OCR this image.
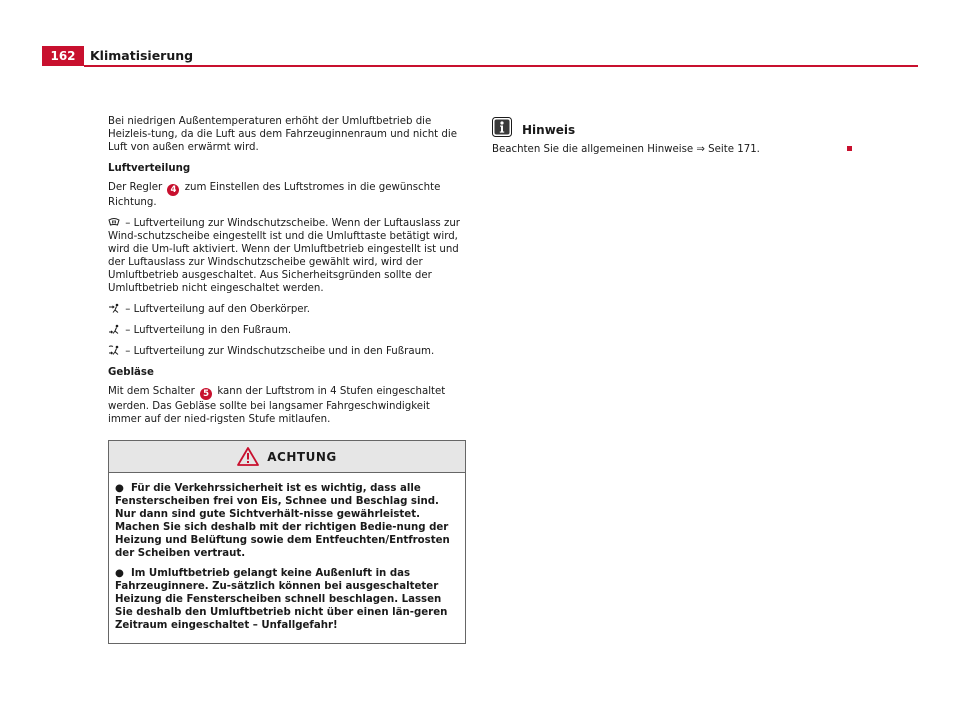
162	Klimatisierung

Bei niedrigen Außentemperaturen erhöht der Umluftbetrieb die Heizleis-tung, da die Luft aus dem Fahrzeuginnenraum und nicht die Luft von außen erwärmt wird.

Luftverteilung

Der Regler 4 zum Einstellen des Luftstromes in die gewünschte Richtung.

– Luftverteilung zur Windschutzscheibe. Wenn der Luftauslass zur Wind-schutzscheibe eingestellt ist und die Umlufttaste betätigt wird, wird die Um-luft aktiviert. Wenn der Umluftbetrieb eingestellt ist und der Luftauslass zur Windschutzscheibe gewählt wird, wird der Umluftbetrieb ausgeschaltet. Aus Sicherheitsgründen sollte der Umluftbetrieb nicht eingeschaltet werden.

– Luftverteilung auf den Oberkörper.

– Luftverteilung in den Fußraum.

– Luftverteilung zur Windschutzscheibe und in den Fußraum.

Gebläse

Mit dem Schalter 5 kann der Luftstrom in 4 Stufen eingeschaltet werden. Das Gebläse sollte bei langsamer Fahrgeschwindigkeit immer auf der nied-rigsten Stufe mitlaufen.

ACHTUNG

● Für die Verkehrssicherheit ist es wichtig, dass alle Fensterscheiben frei von Eis, Schnee und Beschlag sind. Nur dann sind gute Sichtverhält-nisse gewährleistet. Machen Sie sich deshalb mit der richtigen Bedie-nung der Heizung und Belüftung sowie dem Entfeuchten/Entfrosten der Scheiben vertraut.

● Im Umluftbetrieb gelangt keine Außenluft in das Fahrzeuginnere. Zu-sätzlich können bei ausgeschalteter Heizung die Fensterscheiben schnell beschlagen. Lassen Sie deshalb den Umluftbetrieb nicht über einen län-geren Zeitraum eingeschaltet – Unfallgefahr!

Hinweis

Beachten Sie die allgemeinen Hinweise ⇒ Seite 171.
